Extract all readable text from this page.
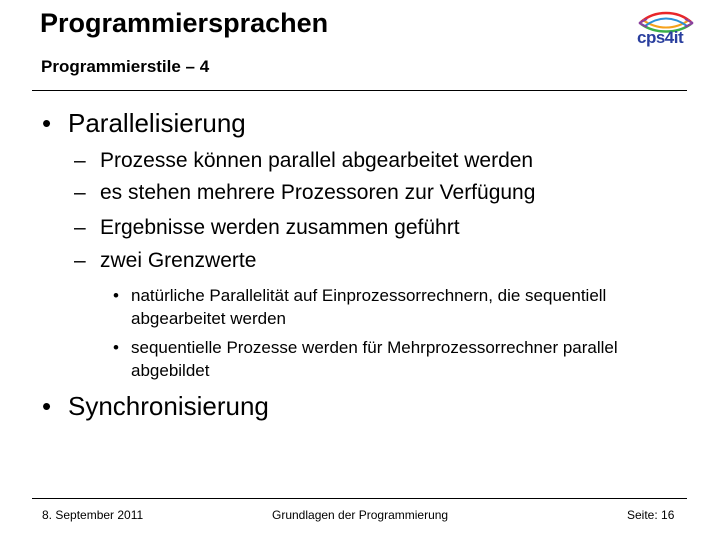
Programmiersprachen
Programmierstile – 4
cps4it
• Parallelisierung
– Prozesse können parallel abgearbeitet werden
– es stehen mehrere Prozessoren zur Verfügung
– Ergebnisse werden zusammen geführt
– zwei Grenzwerte
• natürliche Parallelität auf Einprozessorrechnern, die sequentiell abgearbeitet werden
• sequentielle Prozesse werden für Mehrprozessorrechner parallel abgebildet
• Synchronisierung
8. September 2011	Grundlagen der Programmierung	Seite: 16
